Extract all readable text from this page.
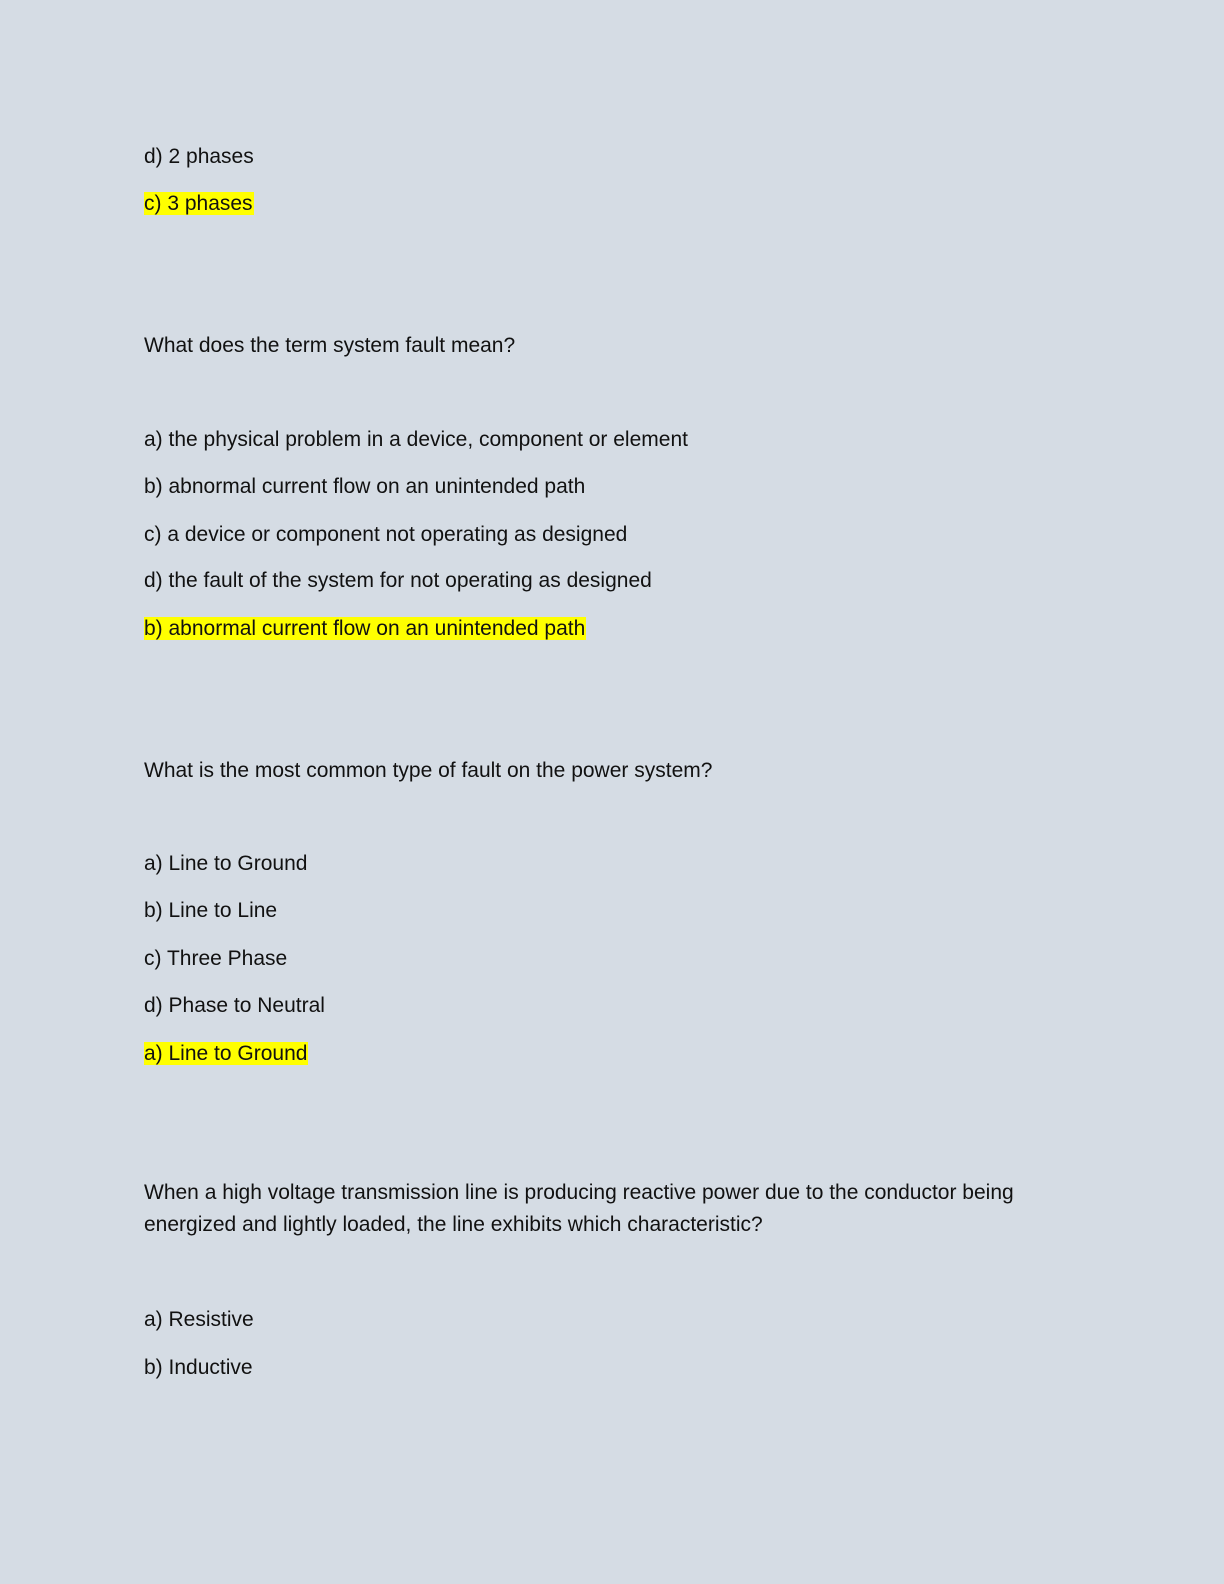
d) 2 phases

c) 3 phases

What does the term system fault mean?

a) the physical problem in a device, component or element

b) abnormal current flow on an unintended path

c) a device or component not operating as designed

d) the fault of the system for not operating as designed

b) abnormal current flow on an unintended path

What is the most common type of fault on the power system?

a) Line to Ground

b) Line to Line

c) Three Phase

d) Phase to Neutral

a) Line to Ground

When a high voltage transmission line is producing reactive power due to the conductor being energized and lightly loaded, the line exhibits which characteristic?

a) Resistive

b) Inductive
